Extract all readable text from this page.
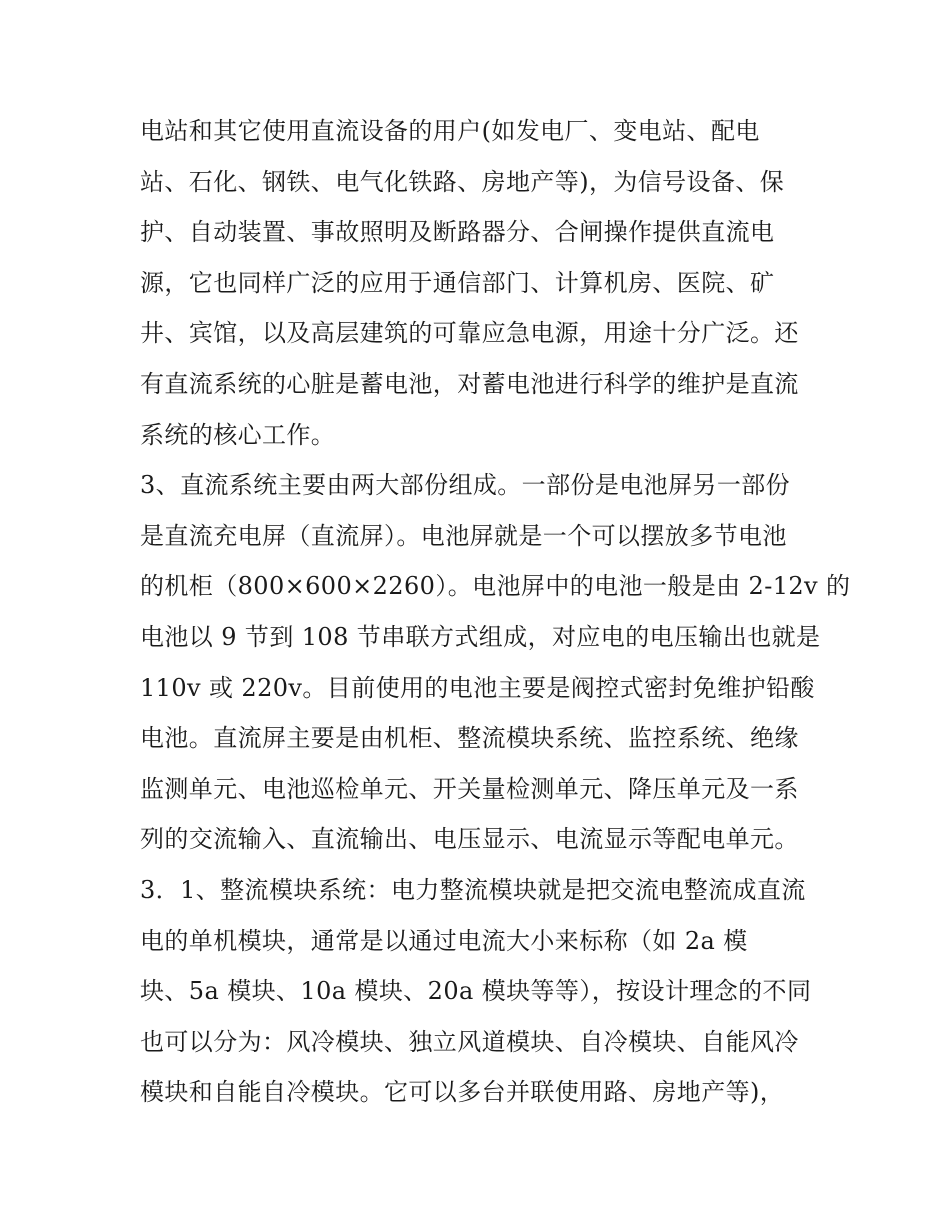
电站和其它使用直流设备的用户(如发电厂、变电站、配电
站、石化、钢铁、电气化铁路、房地产等)，为信号设备、保
护、自动装置、事故照明及断路器分、合闸操作提供直流电
源，它也同样广泛的应用于通信部门、计算机房、医院、矿
井、宾馆，以及高层建筑的可靠应急电源，用途十分广泛。还
有直流系统的心脏是蓄电池，对蓄电池进行科学的维护是直流
系统的核心工作。
3、直流系统主要由两大部份组成。一部份是电池屏另一部份
是直流充电屏（直流屏）。电池屏就是一个可以摆放多节电池
的机柜（800×600×2260）。电池屏中的电池一般是由 2-12v 的
电池以 9 节到 108 节串联方式组成，对应电的电压输出也就是
110v 或 220v。目前使用的电池主要是阀控式密封免维护铅酸
电池。直流屏主要是由机柜、整流模块系统、监控系统、绝缘
监测单元、电池巡检单元、开关量检测单元、降压单元及一系
列的交流输入、直流输出、电压显示、电流显示等配电单元。
3．1、整流模块系统：电力整流模块就是把交流电整流成直流
电的单机模块，通常是以通过电流大小来标称（如 2a 模
块、5a 模块、10a 模块、20a 模块等等），按设计理念的不同
也可以分为：风冷模块、独立风道模块、自冷模块、自能风冷
模块和自能自冷模块。它可以多台并联使用路、房地产等)，
